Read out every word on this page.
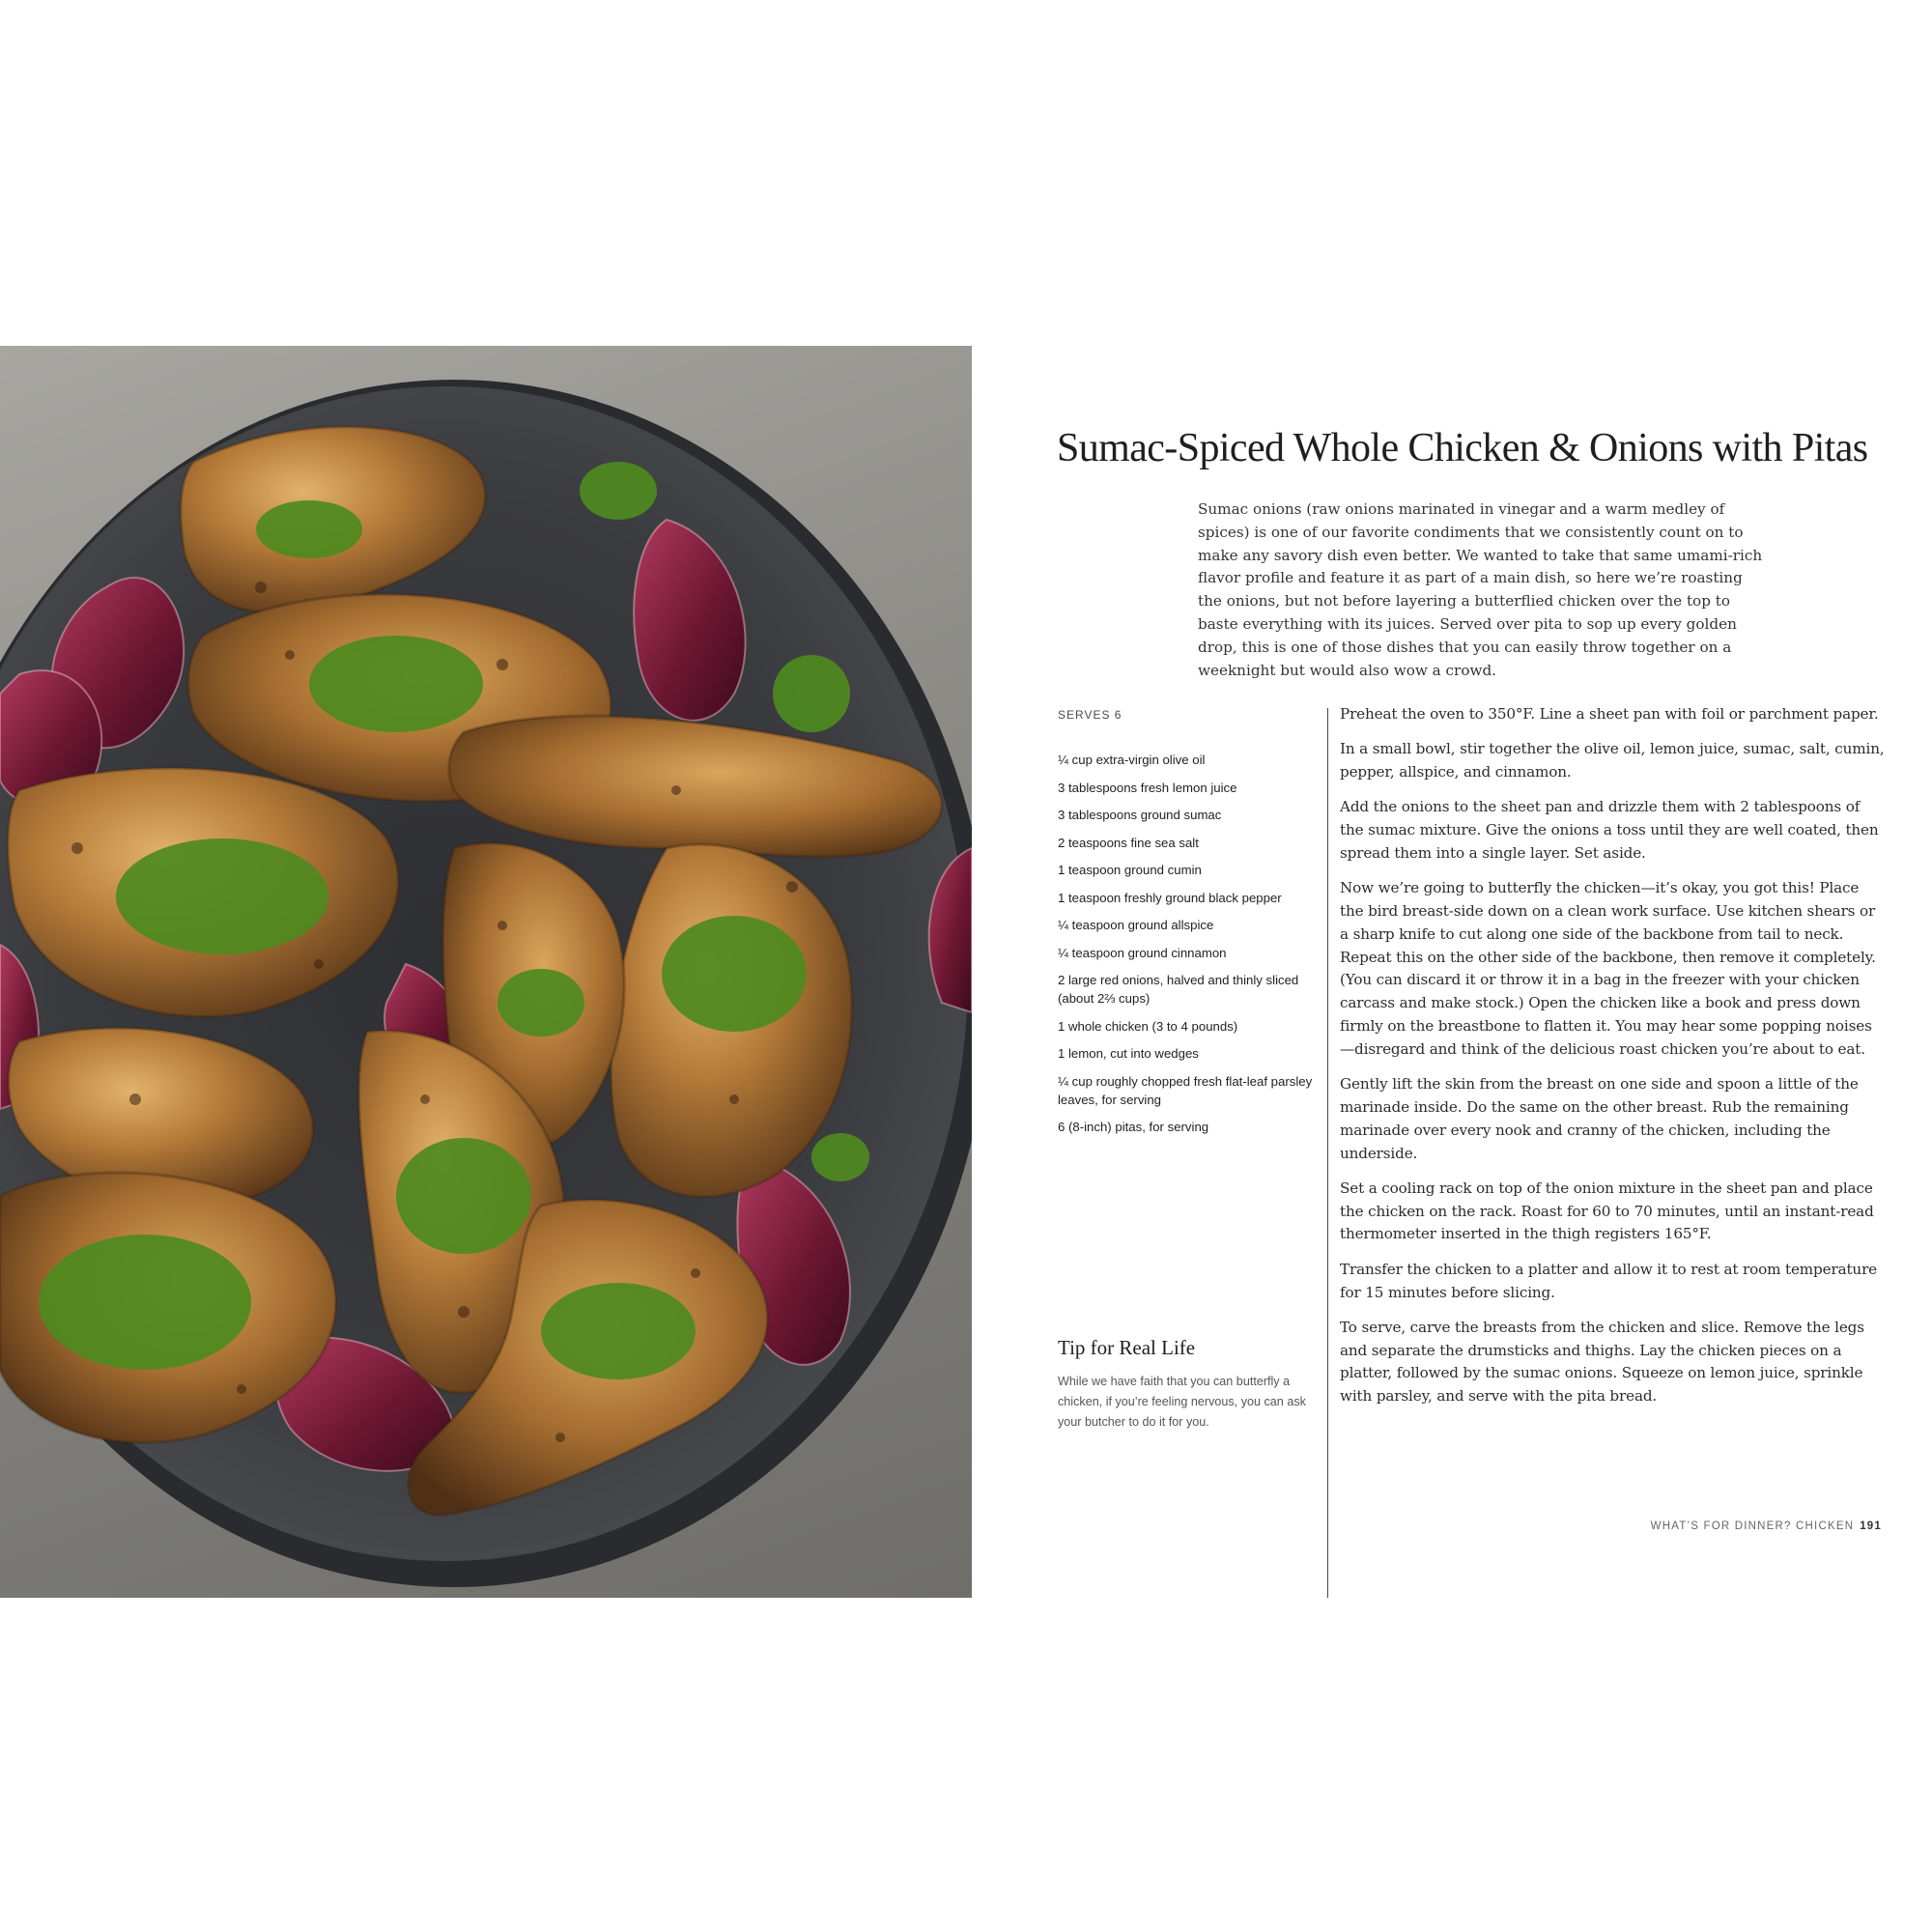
Sumac-Spiced Whole Chicken & Onions with Pitas

Sumac onions (raw onions marinated in vinegar and a warm medley of spices) is one of our favorite condiments that we consistently count on to make any savory dish even better. We wanted to take that same umami-rich flavor profile and feature it as part of a main dish, so here we’re roasting the onions, but not before layering a butterflied chicken over the top to baste everything with its juices. Served over pita to sop up every golden drop, this is one of those dishes that you can easily throw together on a weeknight but would also wow a crowd.

SERVES 6
¼ cup extra-virgin olive oil
3 tablespoons fresh lemon juice
3 tablespoons ground sumac
2 teaspoons fine sea salt
1 teaspoon ground cumin
1 teaspoon freshly ground black pepper
¼ teaspoon ground allspice
¼ teaspoon ground cinnamon
2 large red onions, halved and thinly sliced (about 2⅔ cups)
1 whole chicken (3 to 4 pounds)
1 lemon, cut into wedges
¼ cup roughly chopped fresh flat-leaf parsley leaves, for serving
6 (8-inch) pitas, for serving

Preheat the oven to 350°F. Line a sheet pan with foil or parchment paper.

In a small bowl, stir together the olive oil, lemon juice, sumac, salt, cumin, pepper, allspice, and cinnamon.

Add the onions to the sheet pan and drizzle them with 2 tablespoons of the sumac mixture. Give the onions a toss until they are well coated, then spread them into a single layer. Set aside.

Now we’re going to butterfly the chicken—it’s okay, you got this! Place the bird breast-side down on a clean work surface. Use kitchen shears or a sharp knife to cut along one side of the backbone from tail to neck. Repeat this on the other side of the backbone, then remove it completely. (You can discard it or throw it in a bag in the freezer with your chicken carcass and make stock.) Open the chicken like a book and press down firmly on the breastbone to flatten it. You may hear some popping noises—disregard and think of the delicious roast chicken you’re about to eat.

Gently lift the skin from the breast on one side and spoon a little of the marinade inside. Do the same on the other breast. Rub the remaining marinade over every nook and cranny of the chicken, including the underside.

Set a cooling rack on top of the onion mixture in the sheet pan and place the chicken on the rack. Roast for 60 to 70 minutes, until an instant-read thermometer inserted in the thigh registers 165°F.

Transfer the chicken to a platter and allow it to rest at room temperature for 15 minutes before slicing.

To serve, carve the breasts from the chicken and slice. Remove the legs and separate the drumsticks and thighs. Lay the chicken pieces on a platter, followed by the sumac onions. Squeeze on lemon juice, sprinkle with parsley, and serve with the pita bread.

Tip for Real Life

While we have faith that you can butterfly a chicken, if you’re feeling nervous, you can ask your butcher to do it for you.

WHAT’S FOR DINNER? CHICKEN 191
